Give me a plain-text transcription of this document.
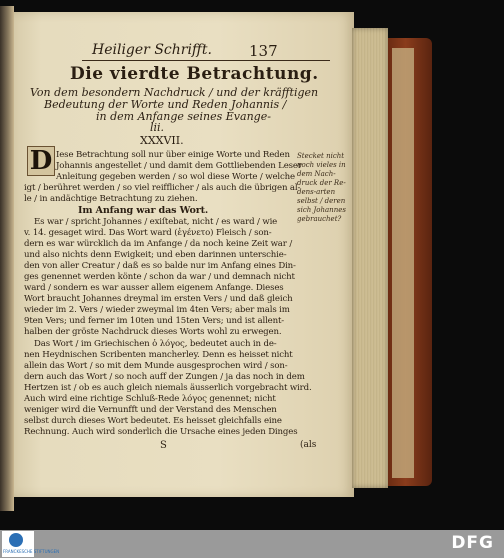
Heiliger Schrifft. 137
Die vierdte Betrachtung.
Von dem besondern Nachdruck / und der kräfftigen
Bedeutung der Worte und Reden Johannis /
in dem Anfange seines Evange-
lii.
XXXVII.
D Iese Betrachtung soll nur über einige Worte und Reden
Johannis angestellet / und damit dem Gottliebenden Leser
Anleitung gegeben werden / so wol diese Worte / welche
igt / berühret werden / so viel reifflicher / als auch die übrigen al-
le / in andächtige Betrachtung zu ziehen.
Im Anfang war das Wort.
Es war / spricht Johannes / exiſtebat, nicht / es ward / wie
v. 14. gesaget wird. Das Wort ward (ἐγένετο) Fleisch / son-
dern es war würcklich da im Anfange / da noch keine Zeit war /
und also nichts denn Ewigkeit; und eben darinnen unterschie-
den von aller Creatur / daß es so balde nur im Anfang eines Din-
ges genennet werden könte / schon da war / und demnach nicht
ward / sondern es war ausser allem eigenem Anfange. Dieses
Wort braucht Johannes dreymal im ersten Vers / und daß gleich
wieder im 2. Vers / wieder zweymal im 4ten Vers; aber mals im
9ten Vers; und ferner im 10ten und 15ten Vers; und ist allent-
halben der gröste Nachdruck dieses Worts wohl zu erwegen.
Das Wort / im Griechischen ὁ λόγος, bedeutet auch in de-
nen Heydnischen Scribenten mancherley. Denn es heisset nicht
allein das Wort / so mit dem Munde ausgesprochen wird / son-
dern auch das Wort / so noch auff der Zungen / ja das noch in dem
Hertzen ist / ob es auch gleich niemals äusserlich vorgebracht wird.
Auch wird eine richtige Schluß-Rede λόγος genennet; nicht
weniger wird die Vernunfft und der Verstand des Menschen
selbst durch dieses Wort bedeutet. Es heisset gleichfalls eine
Rechnung. Auch wird sonderlich die Ursache eines jeden Dinges
S	(als
Stecket nicht
noch vieles in
dem Nach-
druck der Re-
dens-arten
selbst / deren
sich Johannes
gebrauchet?
FRANCKESCHE STIFTUNGEN	DFG
